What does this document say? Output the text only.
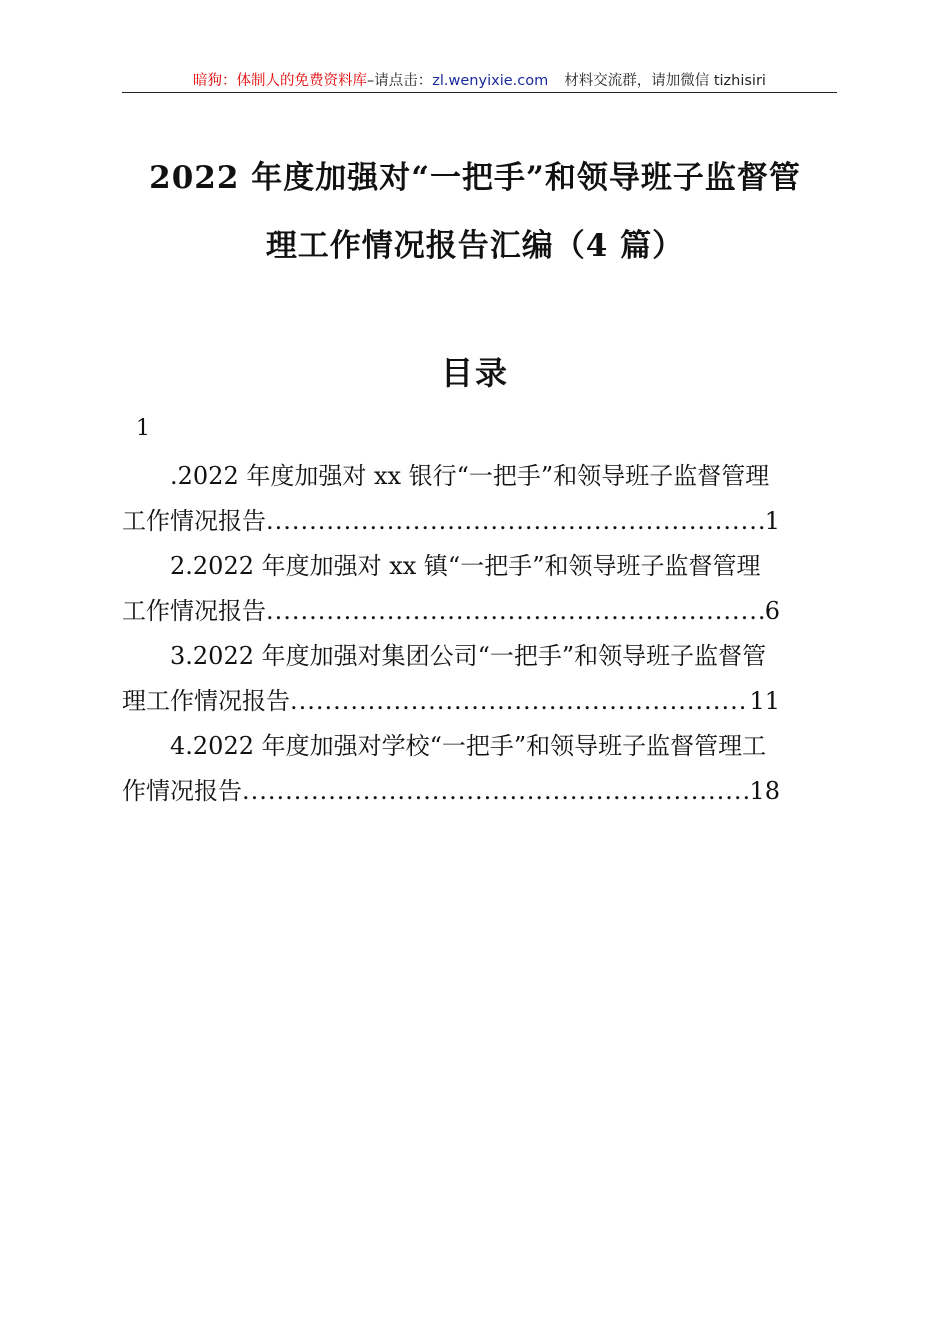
暗狗：体制人的免费资料库–请点击：zl.wenyixie.com 材料交流群，请加微信 tizhisiri
2022 年度加强对“一把手”和领导班子监督管
理工作情况报告汇编（4 篇）
目录
1
.2022 年度加强对 xx 银行“一把手”和领导班子监督管理
工作情况报告 .....	1
2.2022 年度加强对 xx 镇“一把手”和领导班子监督管理
工作情况报告 .....	6
3.2022 年度加强对集团公司“一把手”和领导班子监督管
理工作情况报告 .....	11
4.2022 年度加强对学校“一把手”和领导班子监督管理工
作情况报告 .....	18
